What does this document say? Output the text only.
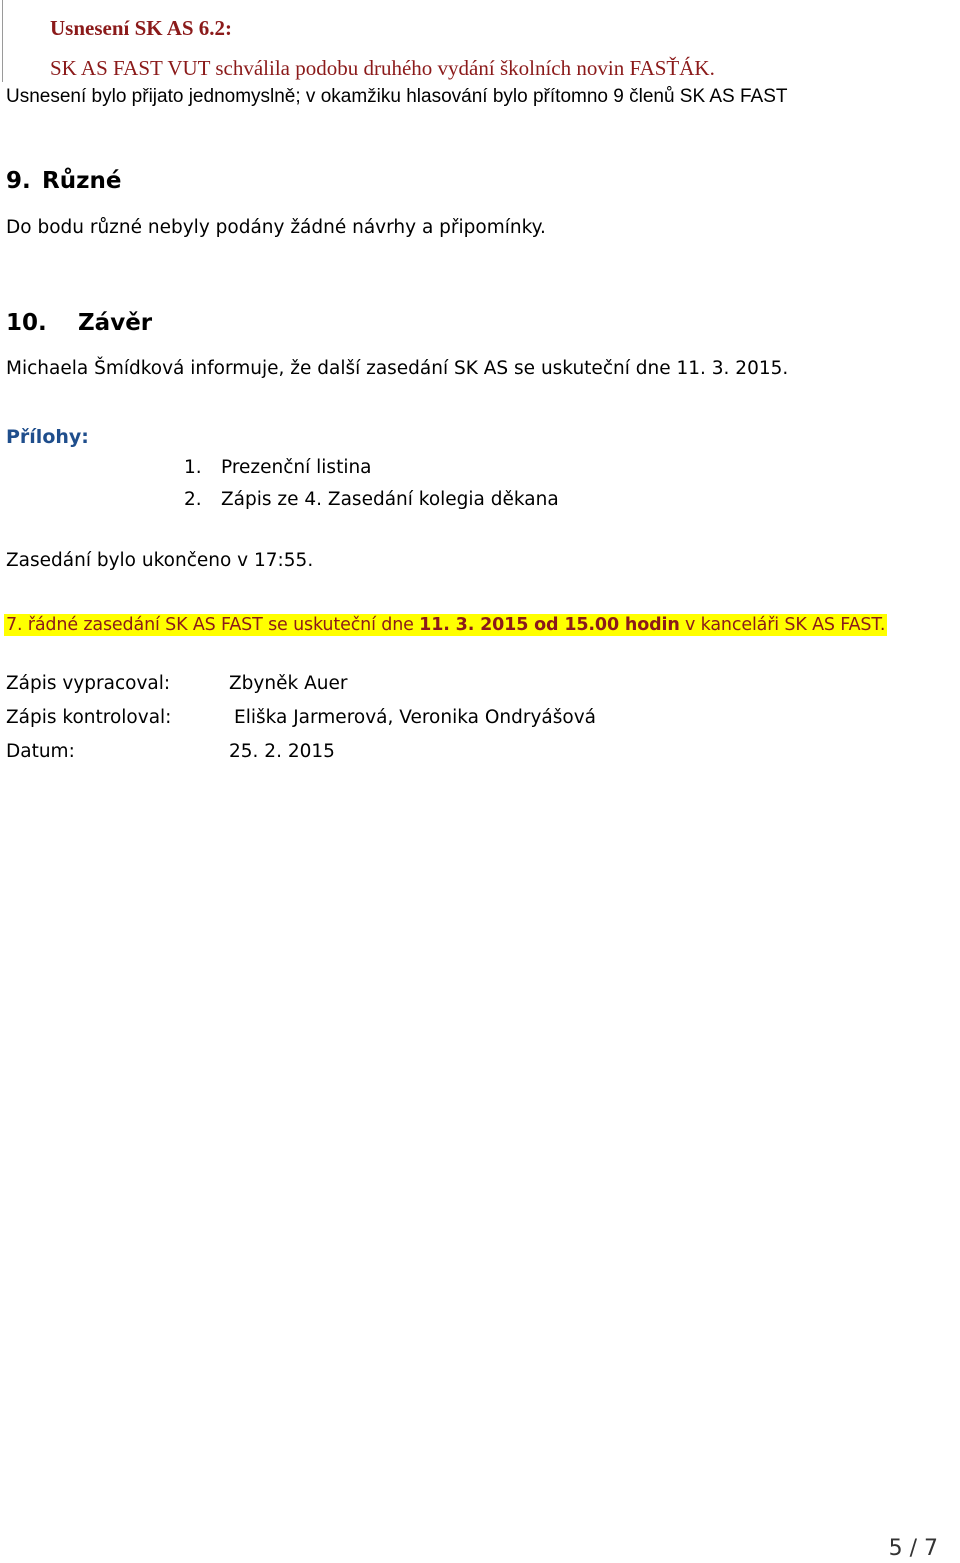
Usnesení SK AS 6.2:
SK AS FAST VUT schválila podobu druhého vydání školních novin FASŤÁK.
Usnesení bylo přijato jednomyslně; v okamžiku hlasování bylo přítomno 9 členů SK AS FAST
9. Různé
Do bodu různé nebyly podány žádné návrhy a připomínky.
10. Závěr
Michaela Šmídková informuje, že další zasedání SK AS se uskuteční dne 11. 3. 2015.
Přílohy:
1. Prezenční listina
2. Zápis ze 4. Zasedání kolegia děkana
Zasedání bylo ukončeno v 17:55.
7. řádné zasedání SK AS FAST se uskuteční dne 11. 3. 2015 od 15.00 hodin v kanceláři SK AS FAST.
Zápis vypracoval:	Zbyněk Auer
Zápis kontroloval:	Eliška Jarmerová, Veronika Ondryášová
Datum:	25. 2. 2015
5 / 7
